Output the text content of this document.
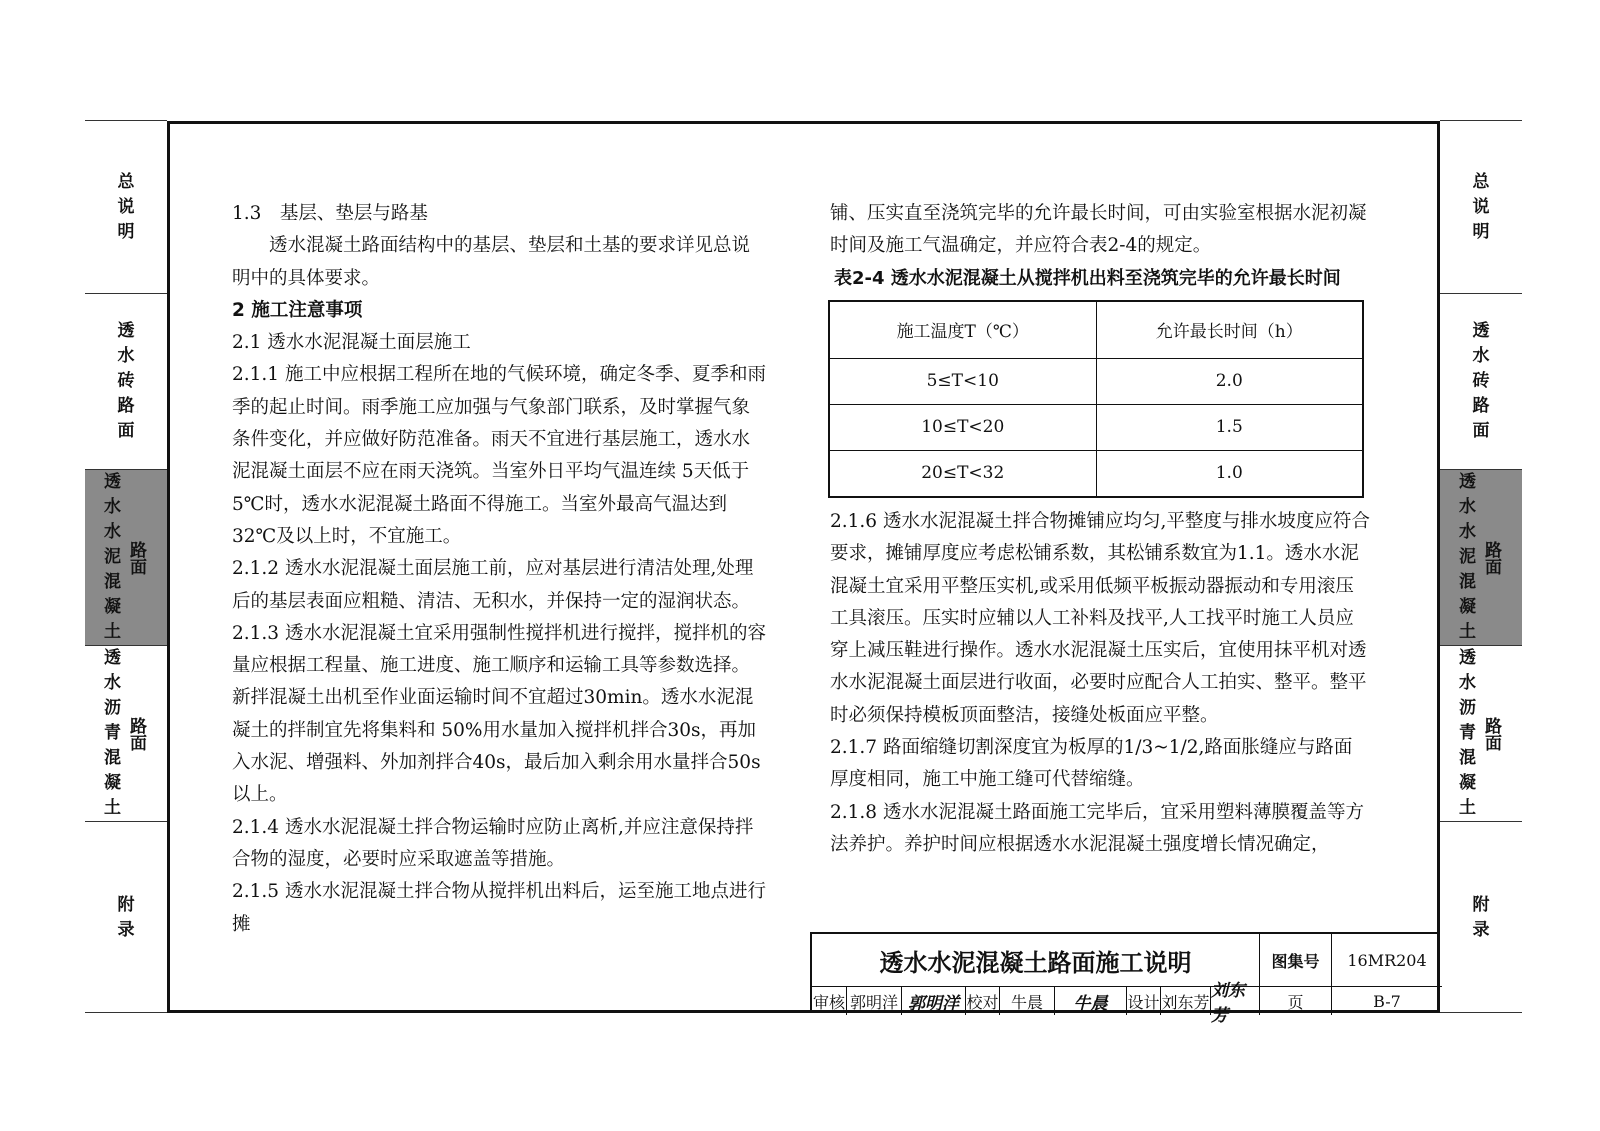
总
说
明
透
水
砖
路
面
透
水
水
泥
混
凝
土
路面
透
水
沥
青
混
凝
土
路面
附
录
总
说
明
透
水
砖
路
面
透
水
水
泥
混
凝
土
路面
透
水
沥
青
混
凝
土
路面
附
录

1.3　基层、垫层与路基

透水混凝土路面结构中的基层、垫层和土基的要求详见总说明中的具体要求。

2 施工注意事项

2.1 透水水泥混凝土面层施工

2.1.1 施工中应根据工程所在地的气候环境，确定冬季、夏季和雨季的起止时间。雨季施工应加强与气象部门联系，及时掌握气象条件变化，并应做好防范准备。雨天不宜进行基层施工，透水水泥混凝土面层不应在雨天浇筑。当室外日平均气温连续 5天低于 5℃时，透水水泥混凝土路面不得施工。当室外最高气温达到32℃及以上时，不宜施工。

2.1.2 透水水泥混凝土面层施工前，应对基层进行清洁处理,处理后的基层表面应粗糙、清洁、无积水，并保持一定的湿润状态。

2.1.3 透水水泥混凝土宜采用强制性搅拌机进行搅拌，搅拌机的容量应根据工程量、施工进度、施工顺序和运输工具等参数选择。 新拌混凝土出机至作业面运输时间不宜超过30min。透水水泥混凝土的拌制宜先将集料和 50%用水量加入搅拌机拌合30s，再加入水泥、增强料、外加剂拌合40s，最后加入剩余用水量拌合50s以上。

2.1.4 透水水泥混凝土拌合物运输时应防止离析,并应注意保持拌合物的湿度，必要时应采取遮盖等措施。

2.1.5 透水水泥混凝土拌合物从搅拌机出料后，运至施工地点进行摊

铺、压实直至浇筑完毕的允许最长时间，可由实验室根据水泥初凝时间及施工气温确定，并应符合表2-4的规定。

表2-4 透水水泥混凝土从搅拌机出料至浇筑完毕的允许最长时间

施工温度T（℃）	允许最长时间（h）
5≤T<10	2.0
10≤T<20	1.5
20≤T<32	1.0

2.1.6 透水水泥混凝土拌合物摊铺应均匀,平整度与排水坡度应符合要求，摊铺厚度应考虑松铺系数，其松铺系数宜为1.1。透水水泥混凝土宜采用平整压实机,或采用低频平板振动器振动和专用滚压工具滚压。压实时应辅以人工补料及找平,人工找平时施工人员应穿上减压鞋进行操作。透水水泥混凝土压实后，宜使用抹平机对透水水泥混凝土面层进行收面，必要时应配合人工拍实、整平。整平时必须保持模板顶面整洁，接缝处板面应平整。

2.1.7 路面缩缝切割深度宜为板厚的1/3~1/2,路面胀缝应与路面厚度相同，施工中施工缝可代替缩缝。

2.1.8 透水水泥混凝土路面施工完毕后，宜采用塑料薄膜覆盖等方法养护。养护时间应根据透水水泥混凝土强度增长情况确定，

透水水泥混凝土路面施工说明	图集号	16MR204
审核 郭明洋 郭明洋 校对 牛晨	牛晨	设计 刘东芳
刘东芳
页	B-7
